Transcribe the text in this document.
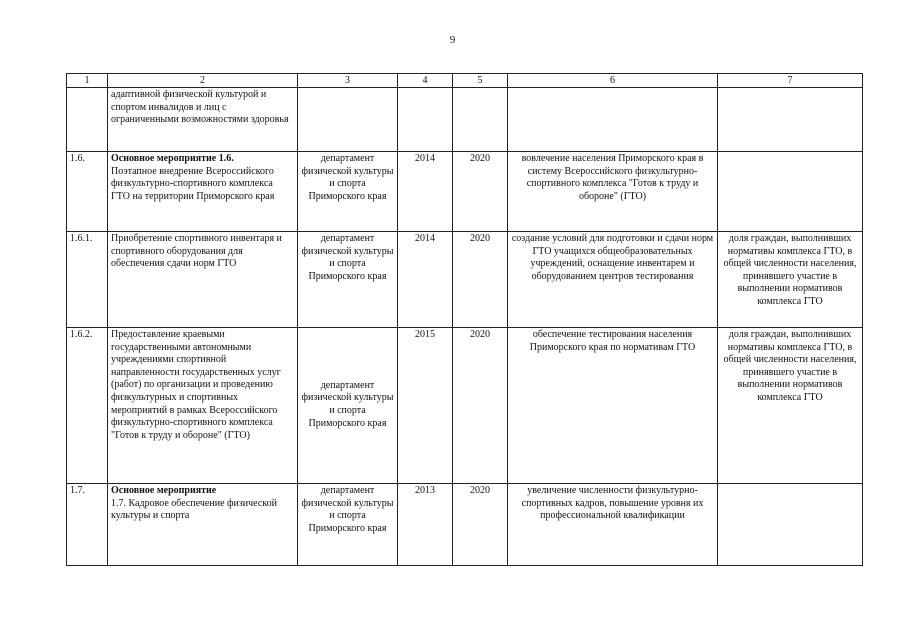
9
1	2	3	4	5	6	7
	адаптивной физической культурой и спортом инвалидов и лиц с ограниченными возможностями здоровья					
1.6.	Основное мероприятие 1.6.
Поэтапное внедрение Всероссийского физкультурно-спортивного комплекса ГТО на территории Приморского края	департамент физической культуры и спорта Приморского края	2014	2020	вовлечение населения Приморского края в систему Всероссийского физкультурно-спортивного комплекса "Готов к труду и обороне" (ГТО)	
1.6.1.	Приобретение спортивного инвентаря и спортивного оборудования для обеспечения сдачи норм ГТО	департамент физической культуры и спорта Приморского края	2014	2020	создание условий для подготовки и сдачи норм ГТО учащихся общеобразовательных учреждений, оснащение инвентарем и оборудованием центров тестирования	доля граждан, выполнивших нормативы комплекса ГТО, в общей численности населения, принявшего участие в выполнении нормативов комплекса ГТО
1.6.2.	Предоставление краевыми государственными автономными учреждениями спортивной направленности государственных услуг (работ) по организации и проведению физкультурных и спортивных мероприятий в рамках Всероссийского физкультурно-спортивного комплекса "Готов к труду и обороне" (ГТО)	департамент физической культуры и спорта Приморского края	2015	2020	обеспечение тестирования населения Приморского края по нормативам ГТО	доля граждан, выполнивших нормативы комплекса ГТО, в общей численности населения, принявшего участие в выполнении нормативов комплекса ГТО
1.7.	Основное мероприятие
1.7. Кадровое обеспечение физической культуры и спорта	департамент физической культуры и спорта Приморского края	2013	2020	увеличение численности физкультурно-спортивных кадров, повышение уровня их профессиональной квалификации	
